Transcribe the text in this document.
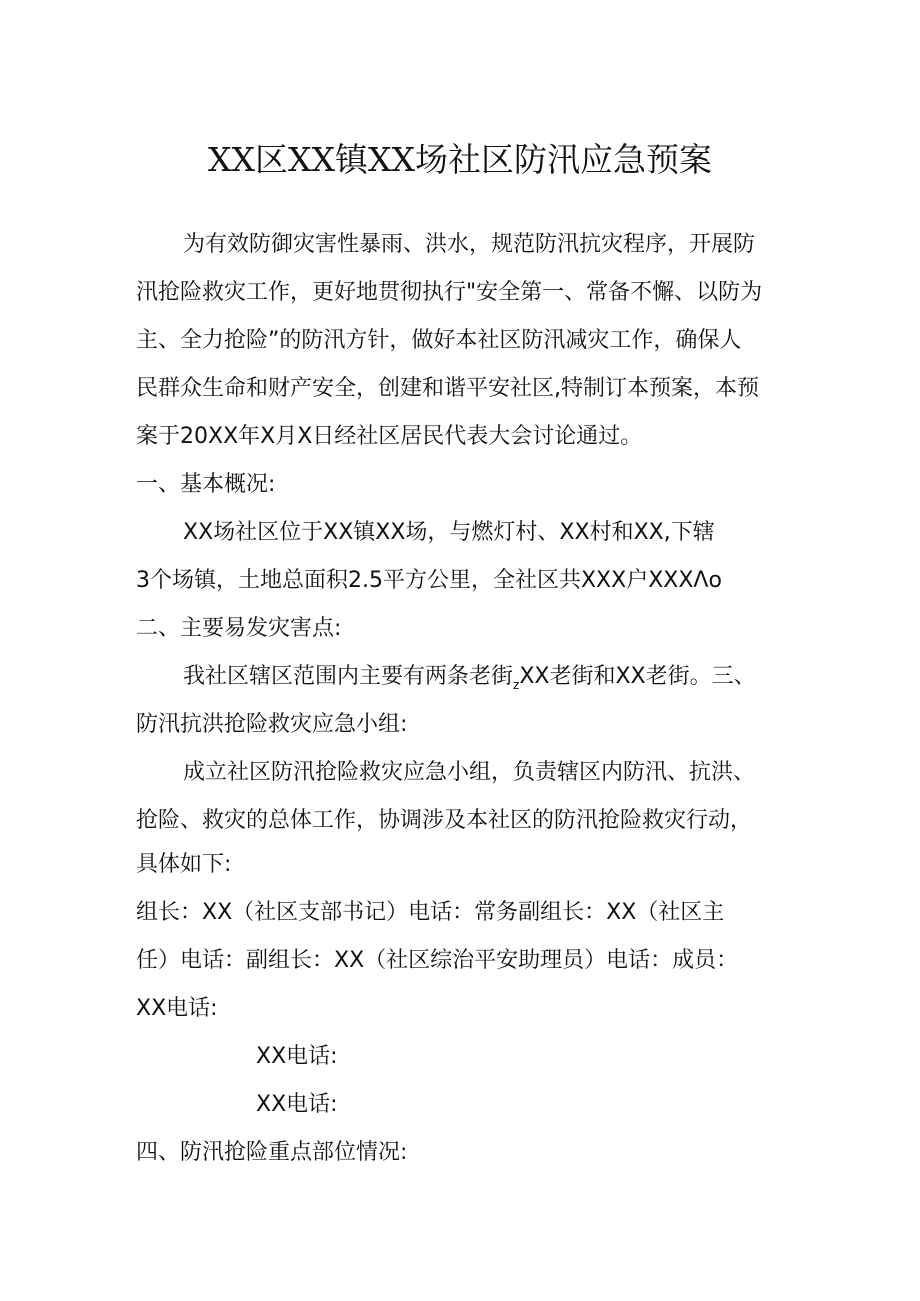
XX区XX镇XX场社区防汛应急预案

为有效防御灾害性暴雨、洪水，规范防汛抗灾程序，开展防

汛抢险救灾工作，更好地贯彻执行"安全第一、常备不懈、以防为

主、全力抢险”的防汛方针，做好本社区防汛减灾工作，确保人

民群众生命和财产安全，创建和谐平安社区,特制订本预案，本预

案于20XX年X月X日经社区居民代表大会讨论通过。

一、基本概况:

XX场社区位于XX镇XX场，与燃灯村、XX村和XX,下辖

3个场镇，土地总面积2.5平方公里，全社区共XXX户XXXΛo

二、主要易发灾害点:

我社区辖区范围内主要有两条老街$_z$XX老街和XX老街。三、

防汛抗洪抢险救灾应急小组:

成立社区防汛抢险救灾应急小组，负责辖区内防汛、抗洪、

抢险、救灾的总体工作，协调涉及本社区的防汛抢险救灾行动，

具体如下:

组长：XX（社区支部书记）电话：常务副组长：XX（社区主

任）电话：副组长：XX（社区综治平安助理员）电话：成员：

XX电话:

XX电话:

XX电话:

四、防汛抢险重点部位情况:
